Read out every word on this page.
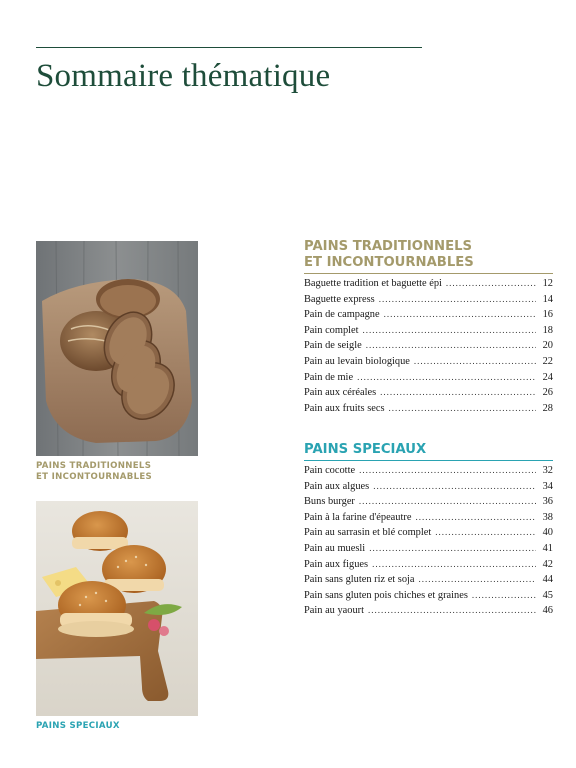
Sommaire thématique
PAINS TRADITIONNELS
ET INCONTOURNABLES
PAINS SPECIAUX
PAINS TRADITIONNELS
ET INCONTOURNABLES
Baguette tradition et baguette épi .....	12
Baguette express .....	14
Pain de campagne .....	16
Pain complet .....	18
Pain de seigle .....	20
Pain au levain biologique .....	22
Pain de mie .....	24
Pain aux céréales .....	26
Pain aux fruits secs .....	28
PAINS SPECIAUX
Pain cocotte .....	32
Pain aux algues .....	34
Buns burger .....	36
Pain à la farine d'épeautre .....	38
Pain au sarrasin et blé complet .....	40
Pain au muesli .....	41
Pain aux figues .....	42
Pain sans gluten riz et soja .....	44
Pain sans gluten pois chiches et graines .....	45
Pain au yaourt .....	46
